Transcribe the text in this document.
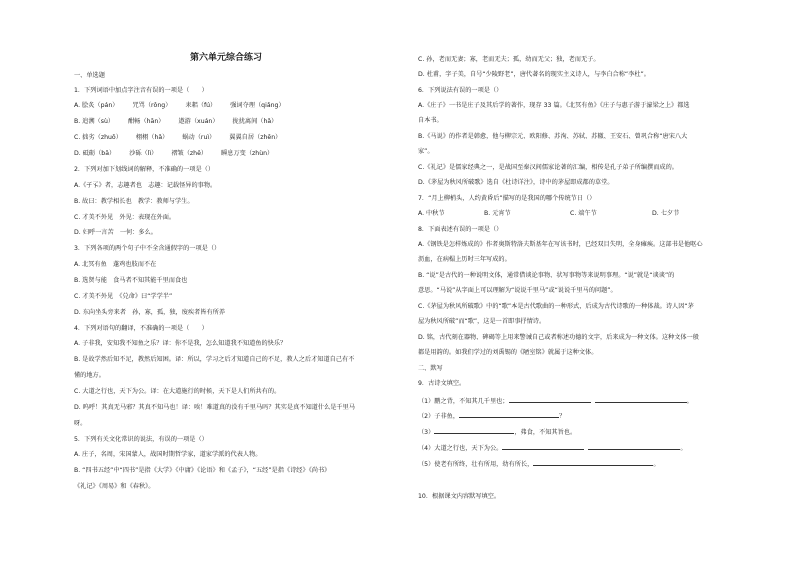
第六单元综合练习
一、单选题
1．下列词语中加点字注音有误的一项是（　　）
A. 脍炙（pán） 咒骂（rǒng） 耒耜（fú） 强词夺理（qiǎng）
B. 追溯（sù） 酣畅（hān） 遨游（xuán） 拢扰离间（hǎ）
C. 拙劣（zhuō） 栩栩（hǎ） 蜗动（ruì） 翼翼自居（zhēn）
D. 砥砺（bā） 沙砾（lì） 褶皱（zhě） 瞬息万变（zhùn）
2．下列对加下划线词的解释，不准确的一项是（）
A.《孑孓》者，志趣者也　志趣：记载怪异的事物。
B. 故曰：教学相长也　教学：教师与学生。
C. 才美不外见　外见：表现在外面。
D. 妇呼一言苦　一何：多么。
3．下列各项的两个句子中不全含通假字的一项是（）
A. 北冥有鱼　蓬鸡也肢而不在
B. 选贤与能　食马者不知其能千里而食也
C. 才美不外见　《兑命》曰“学学半”
D. 东向坐头旁来者　孙，寡，孤，独，废疾者皆有所养
4．下列对语句的翻译，不准确的一项是（　　）
A. 子非我，安知我不知鱼之乐？译：你不是我，怎么知道我不知道鱼的快乐？
B. 是故学然后知不足，教然后知困。译：所以，学习之后才知道自己的不足，教人之后才知道自己有不
懂的地方。
C. 大道之行也，天下为公。译：在大道施行的时候，天下是人们所共有的。
D. 呜呼！其真无马邪？其真不知马也！译：唉！难道真的没有千里马吗？其实是真不知道什么是千里马
呀。
5．下列有关文化常识的说法，有误的一项是（）
A. 庄子，名周，宋国蒙人，战国时期哲学家，道家学派的代表人物。
B. “四书五经”中“四书”是指《大学》《中庸》《论语》和《孟子》，“五经”是指《诗经》《尚书》
《礼记》《周易》和《春秋》。
C. 孙，老而无妻；寡，老而无夫；孤，幼而无父；独，老而无子。
D. 杜甫，字子美，自号“少陵野老”，唐代著名的现实主义诗人，与李白合称“李杜”。
6．下列说法有误的一项是（）
A.《庄子》一书是庄子及其后学的著作，现存 33 篇。《北冥有鱼》《庄子与惠子游于濠梁之上》都选
自本书。
B.《马说》的作者是韩愈，他与柳宗元、欧阳修、苏洵、苏轼、苏辙、王安石、曾巩合称“唐宋八大
家”。
C.《礼记》是儒家经典之一，是战国至秦汉间儒家论著的汇编，相传是孔子弟子所编撰而成的。
D.《茅屋为秋风所破歌》选自《杜诗详注》，诗中的茅屋即成都的草堂。
7．“月上柳梢头，人约黄昏后”描写的是我国的哪个传统节日（）
A. 中秋节	B. 元宵节	C. 端午节	D. 七夕节
8．下面表述有误的一项是（）
A.《钢铁是怎样炼成的》作者奥斯特洛夫斯基年在写该书时，已经双目失明，全身瘫痪。这部书是他呕心
沥血，在病榻上历时三年写成的。
B. “说”是古代的一种说明文体，通常借谈论事物、状写事物等来说明事理。“说”就是“谈谈”的
意思。“马说”从字面上可以理解为“说说千里马”或“说说千里马的问题”。
C.《茅屋为秋风所破歌》中的“歌”本是古代歌曲的一种形式，后成为古代诗歌的一种体裁。诗人因“茅
屋为秋风所破”而“歌”，这是一首即事抒情诗。
D. 铭，古代刻在器物、碑碣等上用来警诫自己或者称述功德的文字，后来成为一种文体。这种文体一般
都是用韵的。如我们学过的刘禹锡的《陋室铭》就属于这种文体。
二、默写
9．古诗文填空。
（1）鹏之背，不知其几千里也；	。
（2）子非鱼，	？
（3）	，弗食，不知其旨也。
（4）大道之行也，天下为公。	。
（5）使老有所终，壮有所用，幼有所长，	。
10．根据课文内容默写填空。
